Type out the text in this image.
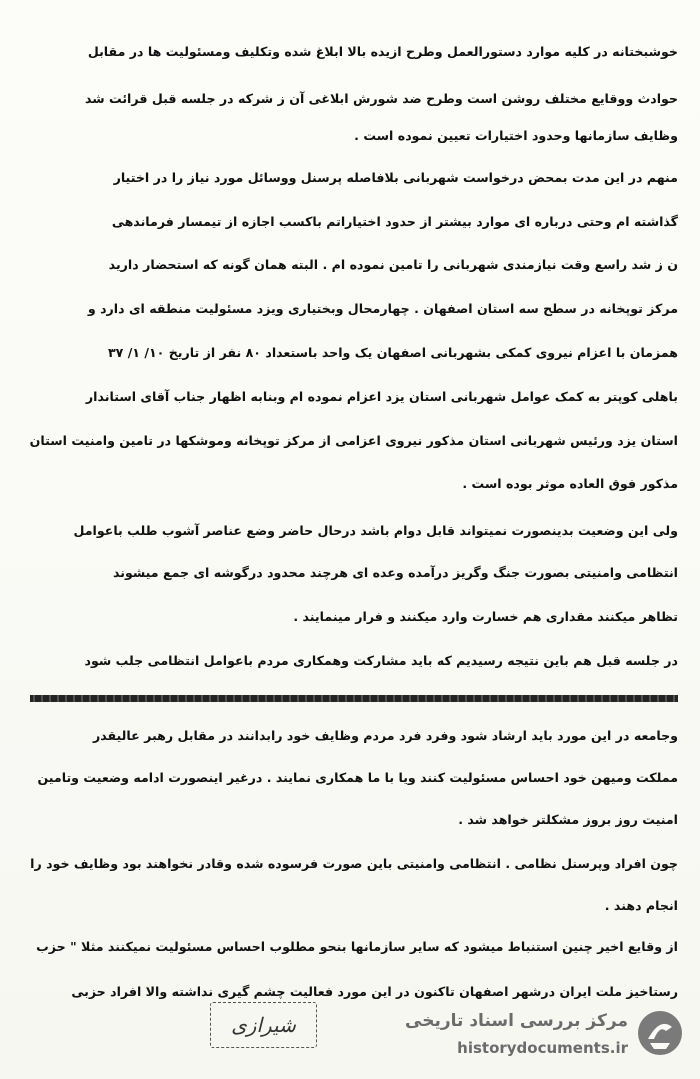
خوشبختانه در کلیه موارد دستورالعمل وطرح ازیده بالا ابلاغ شده وتکلیف ومسئولیت ها در مقابل
حوادث ووقایع مختلف روشن است وطرح ضد شورش ابلاغی آن ز شرکه در جلسه قبل قرائت شد
وظایف سازمانها وحدود اختیارات تعیین نموده است .
منهم در این مدت بمحض درخواست شهربانی بلافاصله پرسنل ووسائل مورد نیاز را در اختیار
گذاشته ام وحتی درباره ای موارد بیشتر از حدود اختیاراتم باکسب اجازه از تیمسار فرماندهی
ن ز شد راسع وقت نیازمندی شهربانی را تامین نموده ام . البته همان گونه که استحضار دارید
مرکز توپخانه در سطح سه استان اصفهان . چهارمحال وبختیاری ویزد مسئولیت منطقه ای دارد و
همزمان با اعزام نیروی کمکی بشهربانی اصفهان یک واحد باستعداد ۸۰ نفر از تاریخ ۱۰/ ۱/ ۳۷
باهلی کوپتر به کمک عوامل شهربانی استان یزد اعزام نموده ام وبنابه اظهار جناب آقای استاندار
استان یزد ورئیس شهربانی استان مذکور نیروی اعزامی از مرکز توپخانه وموشکها در تامین وامنیت استان
مذکور فوق العاده موثر بوده است .
ولی این وضعیت بدینصورت نمیتواند قابل دوام باشد درحال حاضر وضع عناصر آشوب طلب باعوامل
انتظامی وامنیتی بصورت جنگ وگریز درآمده وعده ای هرچند محدود درگوشه ای جمع میشوند
تظاهر میکنند مقداری هم خسارت وارد میکنند و فرار مینمایند .
در جلسه قبل هم باین نتیجه رسیدیم که باید مشارکت وهمکاری مردم باعوامل انتظامی جلب شود
وجامعه در این مورد باید ارشاد شود وفرد فرد مردم وظایف خود رابدانند در مقابل رهبر عالیقدر
مملکت ومیهن خود احساس مسئولیت کنند ویا با ما همکاری نمایند . درغیر اینصورت ادامه وضعیت وتامین
امنیت روز بروز مشکلتر خواهد شد .
چون افراد وپرسنل نظامی . انتظامی وامنیتی باین صورت فرسوده شده وقادر نخواهند بود وظایف خود را
انجام دهند .
از وقایع اخیر چنین استنباط میشود که سایر سازمانها بنحو مطلوب احساس مسئولیت نمیکنند مثلا " حزب
رستاخیز ملت ایران درشهر اصفهان تاکنون در این مورد فعالیت چشم گیری نداشته والا افراد حزبی
شیرازی	مرکز بررسی اسناد تاریخی
historydocuments.ir
